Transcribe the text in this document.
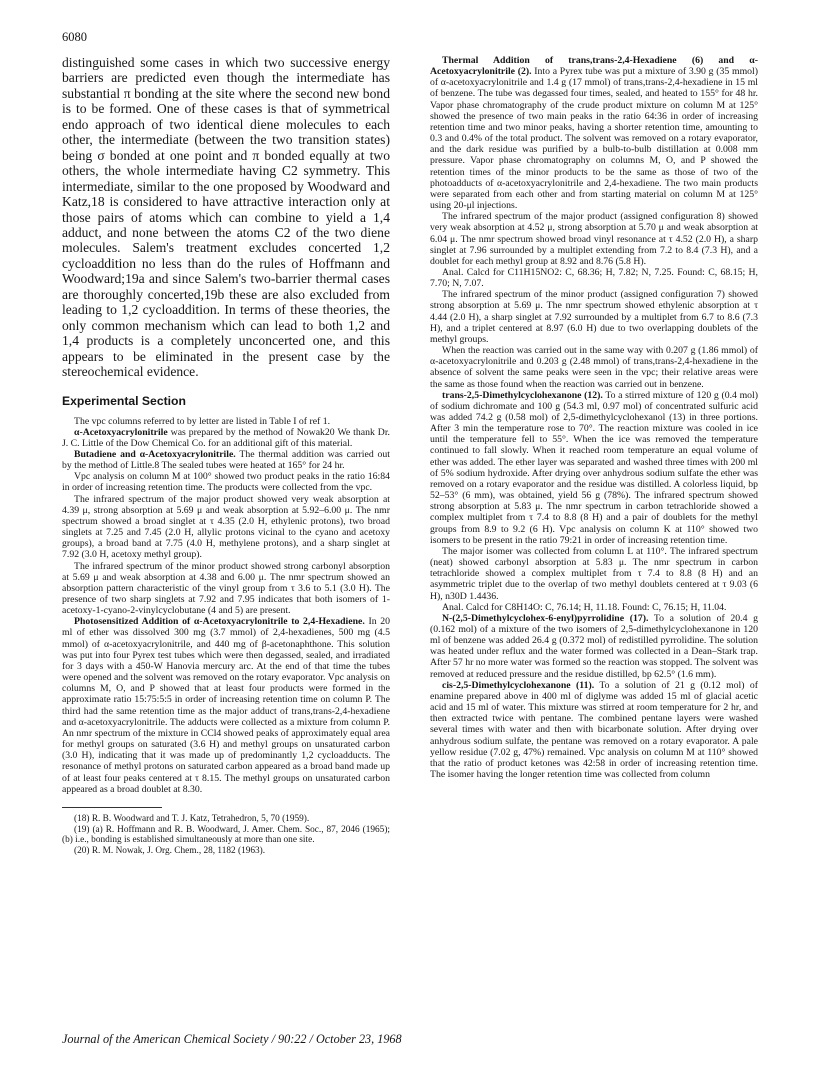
6080

distinguished some cases in which two successive energy barriers are predicted even though the intermediate has substantial π bonding at the site where the second new bond is to be formed. One of these cases is that of symmetrical endo approach of two identical diene molecules to each other, the intermediate (between the two transition states) being σ bonded at one point and π bonded equally at two others, the whole intermediate having C2 symmetry. This intermediate, similar to the one proposed by Woodward and Katz,18 is considered to have attractive interaction only at those pairs of atoms which can combine to yield a 1,4 adduct, and none between the atoms C2 of the two diene molecules. Salem's treatment excludes concerted 1,2 cycloaddition no less than do the rules of Hoffmann and Woodward;19a and since Salem's two-barrier thermal cases are thoroughly concerted,19b these are also excluded from leading to 1,2 cycloaddition. In terms of these theories, the only common mechanism which can lead to both 1,2 and 1,4 products is a completely unconcerted one, and this appears to be eliminated in the present case by the stereochemical evidence.

Experimental Section

The vpc columns referred to by letter are listed in Table I of ref 1.

α-Acetoxyacrylonitrile was prepared by the method of Nowak20 We thank Dr. J. C. Little of the Dow Chemical Co. for an additional gift of this material.

Butadiene and α-Acetoxyacrylonitrile. The thermal addition was carried out by the method of Little.8 The sealed tubes were heated at 165° for 24 hr.

Vpc analysis on column M at 100° showed two product peaks in the ratio 16:84 in order of increasing retention time. The products were collected from the vpc.

The infrared spectrum of the major product showed very weak absorption at 4.39 μ, strong absorption at 5.69 μ and weak absorption at 5.92–6.00 μ. The nmr spectrum showed a broad singlet at τ 4.35 (2.0 H, ethylenic protons), two broad singlets at 7.25 and 7.45 (2.0 H, allylic protons vicinal to the cyano and acetoxy groups), a broad band at 7.75 (4.0 H, methylene protons), and a sharp singlet at 7.92 (3.0 H, acetoxy methyl group).

The infrared spectrum of the minor product showed strong carbonyl absorption at 5.69 μ and weak absorption at 4.38 and 6.00 μ. The nmr spectrum showed an absorption pattern characteristic of the vinyl group from τ 3.6 to 5.1 (3.0 H). The presence of two sharp singlets at 7.92 and 7.95 indicates that both isomers of 1-acetoxy-1-cyano-2-vinylcyclobutane (4 and 5) are present.

Photosensitized Addition of α-Acetoxyacrylonitrile to 2,4-Hexadiene. In 20 ml of ether was dissolved 300 mg (3.7 mmol) of 2,4-hexadienes, 500 mg (4.5 mmol) of α-acetoxyacrylonitrile, and 440 mg of β-acetonaphthone. This solution was put into four Pyrex test tubes which were then degassed, sealed, and irradiated for 3 days with a 450-W Hanovia mercury arc. At the end of that time the tubes were opened and the solvent was removed on the rotary evaporator. Vpc analysis on columns M, O, and P showed that at least four products were formed in the approximate ratio 15:75:5:5 in order of increasing retention time on column P. The third had the same retention time as the major adduct of trans,trans-2,4-hexadiene and α-acetoxyacrylonitrile. The adducts were collected as a mixture from column P. An nmr spectrum of the mixture in CCl4 showed peaks of approximately equal area for methyl groups on saturated (3.6 H) and methyl groups on unsaturated carbon (3.0 H), indicating that it was made up of predominantly 1,2 cycloadducts. The resonance of methyl protons on saturated carbon appeared as a broad band made up of at least four peaks centered at τ 8.15. The methyl groups on unsaturated carbon appeared as a broad doublet at 8.30.

(18) R. B. Woodward and T. J. Katz, Tetrahedron, 5, 70 (1959).

(19) (a) R. Hoffmann and R. B. Woodward, J. Amer. Chem. Soc., 87, 2046 (1965); (b) i.e., bonding is established simultaneously at more than one site.

(20) R. M. Nowak, J. Org. Chem., 28, 1182 (1963).

Thermal Addition of trans,trans-2,4-Hexadiene (6) and α-Acetoxyacrylonitrile (2). Into a Pyrex tube was put a mixture of 3.90 g (35 mmol) of α-acetoxyacrylonitrile and 1.4 g (17 mmol) of trans,trans-2,4-hexadiene in 15 ml of benzene. The tube was degassed four times, sealed, and heated to 155° for 48 hr. Vapor phase chromatography of the crude product mixture on column M at 125° showed the presence of two main peaks in the ratio 64:36 in order of increasing retention time and two minor peaks, having a shorter retention time, amounting to 0.3 and 0.4% of the total product. The solvent was removed on a rotary evaporator, and the dark residue was purified by a bulb-to-bulb distillation at 0.008 mm pressure. Vapor phase chromatography on columns M, O, and P showed the retention times of the minor products to be the same as those of two of the photoadducts of α-acetoxyacrylonitrile and 2,4-hexadiene. The two main products were separated from each other and from starting material on column M at 125° using 20-μl injections.

The infrared spectrum of the major product (assigned configuration 8) showed very weak absorption at 4.52 μ, strong absorption at 5.70 μ and weak absorption at 6.04 μ. The nmr spectrum showed broad vinyl resonance at τ 4.52 (2.0 H), a sharp singlet at 7.96 surrounded by a multiplet extending from 7.2 to 8.4 (7.3 H), and a doublet for each methyl group at 8.92 and 8.76 (5.8 H).

Anal. Calcd for C11H15NO2: C, 68.36; H, 7.82; N, 7.25. Found: C, 68.15; H, 7.70; N, 7.07.

The infrared spectrum of the minor product (assigned configuration 7) showed strong absorption at 5.69 μ. The nmr spectrum showed ethylenic absorption at τ 4.44 (2.0 H), a sharp singlet at 7.92 surrounded by a multiplet from 6.7 to 8.6 (7.3 H), and a triplet centered at 8.97 (6.0 H) due to two overlapping doublets of the methyl groups.

When the reaction was carried out in the same way with 0.207 g (1.86 mmol) of α-acetoxyacrylonitrile and 0.203 g (2.48 mmol) of trans,trans-2,4-hexadiene in the absence of solvent the same peaks were seen in the vpc; their relative areas were the same as those found when the reaction was carried out in benzene.

trans-2,5-Dimethylcyclohexanone (12). To a stirred mixture of 120 g (0.4 mol) of sodium dichromate and 100 g (54.3 ml, 0.97 mol) of concentrated sulfuric acid was added 74.2 g (0.58 mol) of 2,5-dimethylcyclohexanol (13) in three portions. After 3 min the temperature rose to 70°. The reaction mixture was cooled in ice until the temperature fell to 55°. When the ice was removed the temperature continued to fall slowly. When it reached room temperature an equal volume of ether was added. The ether layer was separated and washed three times with 200 ml of 5% sodium hydroxide. After drying over anhydrous sodium sulfate the ether was removed on a rotary evaporator and the residue was distilled. A colorless liquid, bp 52–53° (6 mm), was obtained, yield 56 g (78%). The infrared spectrum showed strong absorption at 5.83 μ. The nmr spectrum in carbon tetrachloride showed a complex multiplet from τ 7.4 to 8.8 (8 H) and a pair of doublets for the methyl groups from 8.9 to 9.2 (6 H). Vpc analysis on column K at 110° showed two isomers to be present in the ratio 79:21 in order of increasing retention time.

The major isomer was collected from column L at 110°. The infrared spectrum (neat) showed carbonyl absorption at 5.83 μ. The nmr spectrum in carbon tetrachloride showed a complex multiplet from τ 7.4 to 8.8 (8 H) and an asymmetric triplet due to the overlap of two methyl doublets centered at τ 9.03 (6 H), n30D 1.4436.

Anal. Calcd for C8H14O: C, 76.14; H, 11.18. Found: C, 76.15; H, 11.04.

N-(2,5-Dimethylcyclohex-6-enyl)pyrrolidine (17). To a solution of 20.4 g (0.162 mol) of a mixture of the two isomers of 2,5-dimethylcyclohexanone in 120 ml of benzene was added 26.4 g (0.372 mol) of redistilled pyrrolidine. The solution was heated under reflux and the water formed was collected in a Dean–Stark trap. After 57 hr no more water was formed so the reaction was stopped. The solvent was removed at reduced pressure and the residue distilled, bp 62.5° (1.6 mm).

cis-2,5-Dimethylcyclohexanone (11). To a solution of 21 g (0.12 mol) of enamine prepared above in 400 ml of diglyme was added 15 ml of glacial acetic acid and 15 ml of water. This mixture was stirred at room temperature for 2 hr, and then extracted twice with pentane. The combined pentane layers were washed several times with water and then with bicarbonate solution. After drying over anhydrous sodium sulfate, the pentane was removed on a rotary evaporator. A pale yellow residue (7.02 g, 47%) remained. Vpc analysis on column M at 110° showed that the ratio of product ketones was 42:58 in order of increasing retention time. The isomer having the longer retention time was collected from column

Journal of the American Chemical Society / 90:22 / October 23, 1968
